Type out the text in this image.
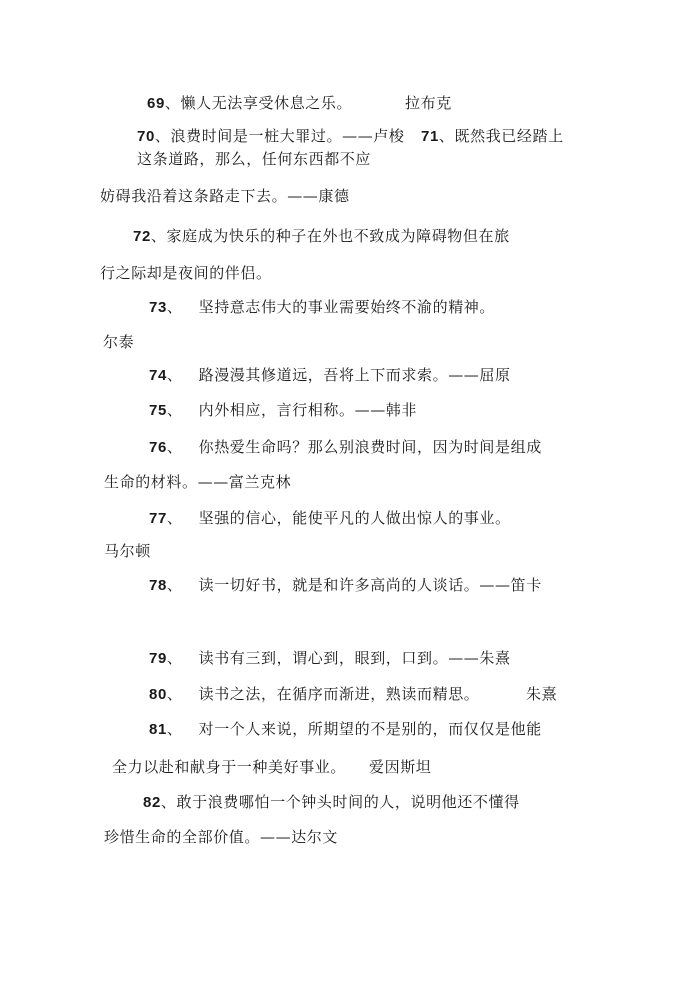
69、懒人无法享受休息之乐。	拉布克
70、浪费时间是一桩大罪过。——卢梭 71、既然我已经踏上
这条道路，那么，任何东西都不应
妨碍我沿着这条路走下去。——康德
72、家庭成为快乐的种子在外也不致成为障碍物但在旅
行之际却是夜间的伴侣。
73、 坚持意志伟大的事业需要始终不渝的精神。
尔泰
74、 路漫漫其修道远，吾将上下而求索。——屈原
75、 内外相应，言行相称。——韩非
76、 你热爱生命吗？那么别浪费时间，因为时间是组成
生命的材料。——富兰克林
77、 坚强的信心，能使平凡的人做出惊人的事业。
马尔顿
78、 读一切好书，就是和许多高尚的人谈话。——笛卡
79、 读书有三到，谓心到，眼到，口到。——朱熹
80、 读书之法，在循序而渐进，熟读而精思。	朱熹
81、 对一个人来说，所期望的不是别的，而仅仅是他能
全力以赴和献身于一种美好事业。 爱因斯坦
82、敢于浪费哪怕一个钟头时间的人，说明他还不懂得
珍惜生命的全部价值。——达尔文
